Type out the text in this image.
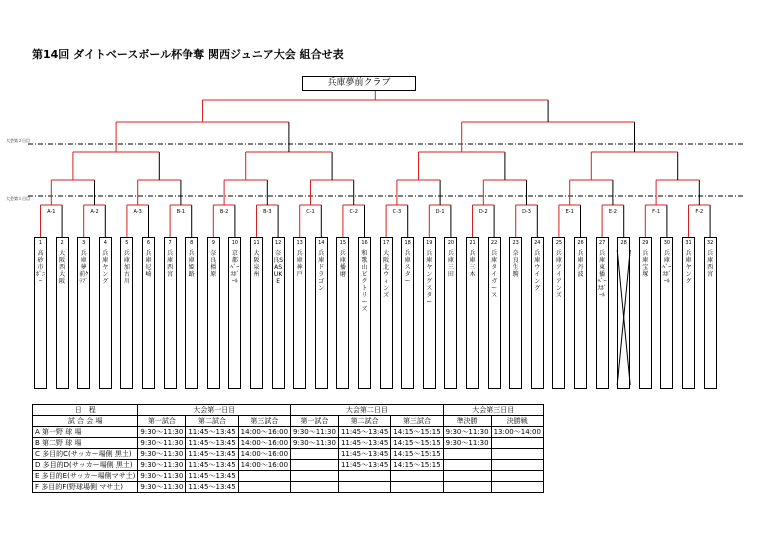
第14回 ダイトベースボール杯争奪 関西ジュニア大会 組合せ表
大会第２日目
大会第１日目
A-1	A-2	A-3	B-1	B-2	B-3	C-1	C-2	C-3	D-1	D-2	D-3	E-1	E-2	F-1	F-2
兵庫夢前クラブ
1
高砂市ﾎﾟﾆｰ
2
大阪西大阪
3
兵庫夢前ｸﾗﾌﾞ
4
兵庫ヤング
5
兵庫加古川
6
兵庫尼崎
7
兵庫西宮
8
兵庫姫路
9
奈良橿原
10
京都ﾍﾞｰｽﾎﾞｰﾙ
11
大阪泉州
12
奈良SASUKE
13
兵庫神戸
14
兵庫ドラゴン
15
兵庫播磨
16
和歌山ビクトリーズ
17
大阪北ウィンズ
18
兵庫スター
19
兵庫ヤングスター
20
兵庫三田
21
兵庫三木
22
兵庫タイガース
23
奈良生駒
24
兵庫ウイング
25
兵庫アイアンズ
26
兵庫丹波
27
兵庫東播ﾍﾞｰｽﾎﾞｰﾙ
28	29
兵庫宝塚
30
兵庫ﾍﾞｰｽﾎﾞｰﾙ
31
兵庫ヤング
32
兵庫西宮
日　程	大会第一日目			大会第二日目			大会第三日目	
試 合 会 場	第一試合	第二試合	第三試合	第一試合	第二試合	第三試合	準決勝	決勝戦
A 第一野 球 場	9:30～11:30	11:45～13:45	14:00～16:00	9:30～11:30	11:45～13:45	14:15～15:15	9:30～11:30	13:00～14:00
B 第二野 球 場	9:30～11:30	11:45～13:45	14:00～16:00	9:30～11:30	11:45～13:45	14:15～15:15	9:30～11:30	
C 多目的C(サッカー場側 黒土)	9:30～11:30	11:45～13:45	14:00～16:00		11:45～13:45	14:15～15:15		
D 多目的D(サッカー場側 黒土)	9:30～11:30	11:45～13:45	14:00～16:00		11:45～13:45	14:15～15:15		
E 多目的E(サッカー場側マサ土)	9:30～11:30	11:45～13:45						
F 多目的F(野球場側 マサ土)	9:30～11:30	11:45～13:45						
